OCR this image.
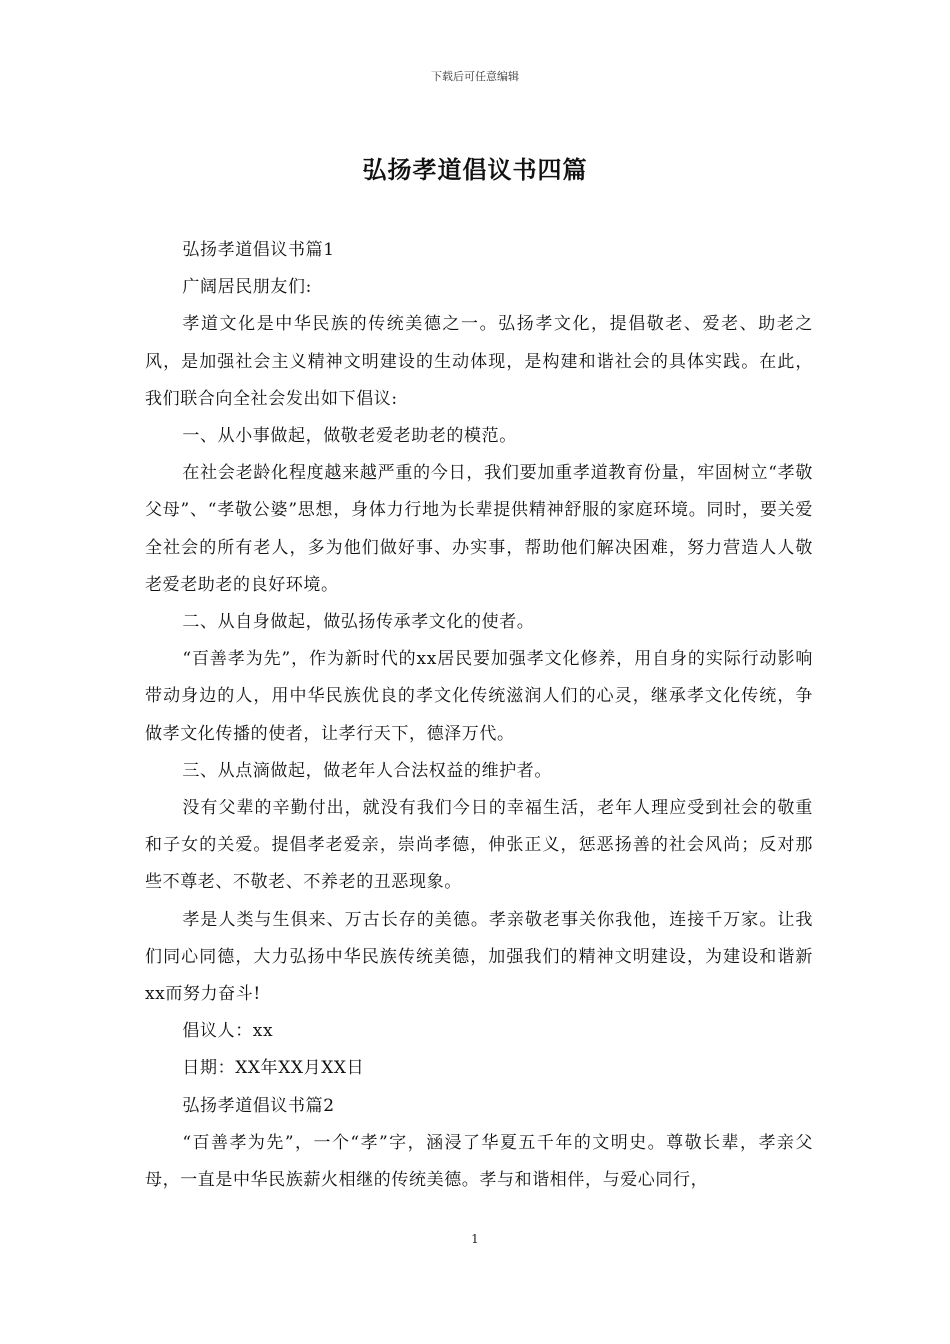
下载后可任意编辑
弘扬孝道倡议书四篇

弘扬孝道倡议书篇1

广阔居民朋友们:

孝道文化是中华民族的传统美德之一。弘扬孝文化，提倡敬老、爱老、助老之风，是加强社会主义精神文明建设的生动体现，是构建和谐社会的具体实践。在此，我们联合向全社会发出如下倡议:

一、从小事做起，做敬老爱老助老的模范。

在社会老龄化程度越来越严重的今日，我们要加重孝道教育份量，牢固树立“孝敬父母”、“孝敬公婆”思想，身体力行地为长辈提供精神舒服的家庭环境。同时，要关爱全社会的所有老人，多为他们做好事、办实事，帮助他们解决困难，努力营造人人敬老爱老助老的良好环境。

二、从自身做起，做弘扬传承孝文化的使者。

“百善孝为先”，作为新时代的xx居民要加强孝文化修养，用自身的实际行动影响带动身边的人，用中华民族优良的孝文化传统滋润人们的心灵，继承孝文化传统，争做孝文化传播的使者，让孝行天下，德泽万代。

三、从点滴做起，做老年人合法权益的维护者。

没有父辈的辛勤付出，就没有我们今日的幸福生活，老年人理应受到社会的敬重和子女的关爱。提倡孝老爱亲，崇尚孝德，伸张正义，惩恶扬善的社会风尚；反对那些不尊老、不敬老、不养老的丑恶现象。

孝是人类与生俱来、万古长存的美德。孝亲敬老事关你我他，连接千万家。让我们同心同德，大力弘扬中华民族传统美德，加强我们的精神文明建设，为建设和谐新xx而努力奋斗!

倡议人：xx

日期：XX年XX月XX日

弘扬孝道倡议书篇2

“百善孝为先”，一个“孝”字，涵浸了华夏五千年的文明史。尊敬长辈，孝亲父母，一直是中华民族薪火相继的传统美德。孝与和谐相伴，与爱心同行，

1
